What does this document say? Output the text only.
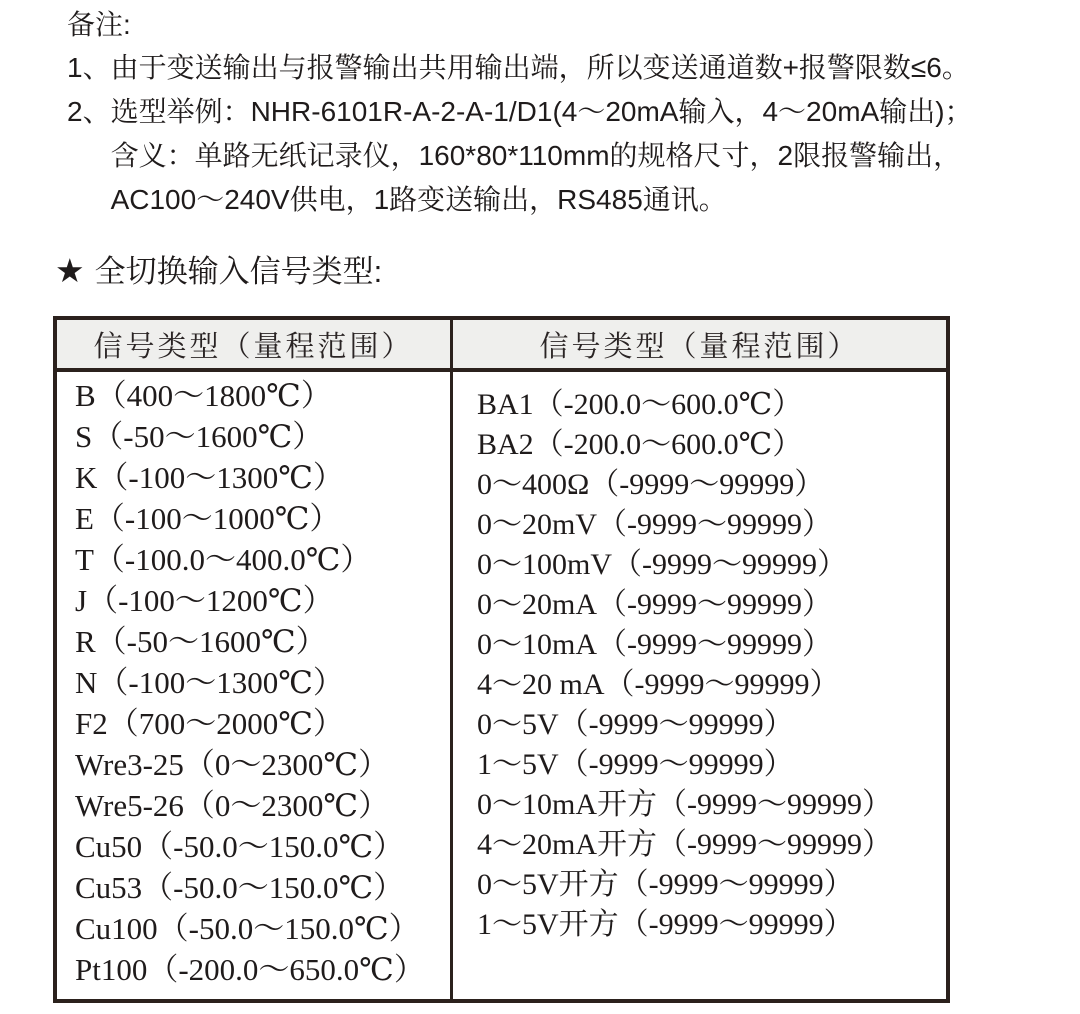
备注:
1、 由于变送输出与报警输出共用输出端，所以变送通道数+报警限数≤6。
2、 选型举例：NHR-6101R-A-2-A-1/D1(4～20mA输入，4～20mA输出)；
含义：单路无纸记录仪，160*80*110mm的规格尺寸，2限报警输出，
AC100～240V供电，1路变送输出，RS485通讯。
★ 全切换输入信号类型:
信号类型（量程范围）	信号类型（量程范围）
B（400～1800℃）
S（-50～1600℃）
K（-100～1300℃）
E（-100～1000℃）
T（-100.0～400.0℃）
J（-100～1200℃）
R（-50～1600℃）
N（-100～1300℃）
F2（700～2000℃）
Wre3-25（0～2300℃）
Wre5-26（0～2300℃）
Cu50（-50.0～150.0℃）
Cu53（-50.0～150.0℃）
Cu100（-50.0～150.0℃）
Pt100（-200.0～650.0℃）
BA1（-200.0～600.0℃）
BA2（-200.0～600.0℃）
0～400Ω（-9999～99999）
0～20mV（-9999～99999）
0～100mV（-9999～99999）
0～20mA（-9999～99999）
0～10mA（-9999～99999）
4～20 mA（-9999～99999）
0～5V（-9999～99999）
1～5V（-9999～99999）
0～10mA开方（-9999～99999）
4～20mA开方（-9999～99999）
0～5V开方（-9999～99999）
1～5V开方（-9999～99999）
